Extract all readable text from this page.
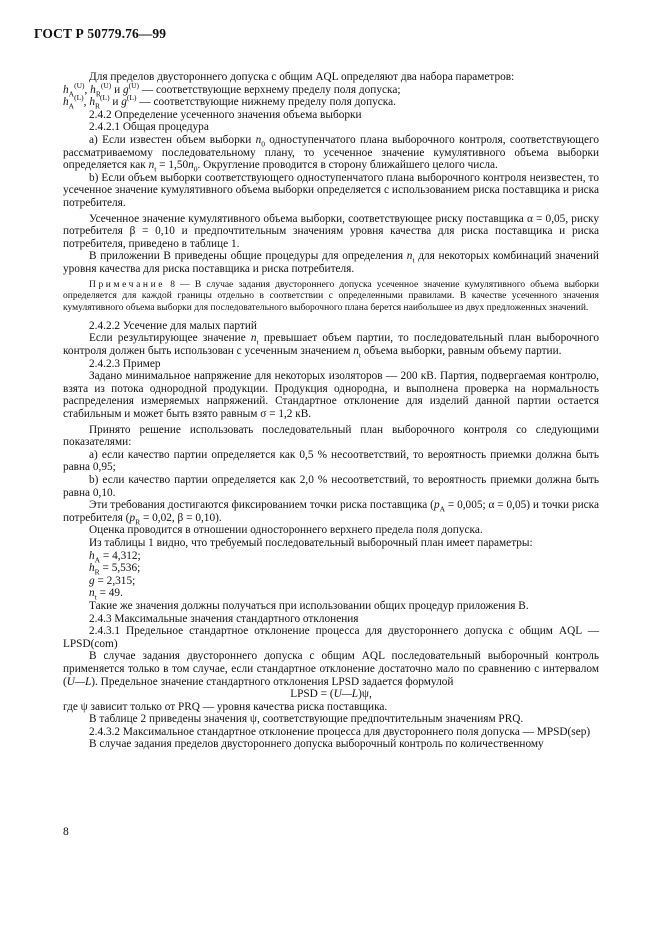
ГОСТ Р 50779.76—99

Для пределов двустороннего допуска с общим AQL определяют два набора параметров:

$h_A^{(U)}$, $h_R^{(U)}$ и $g^{(U)}$ — соответствующие верхнему пределу поля допуска;

$h_A^{(L)}$, $h_R^{(L)}$ и $g^{(L)}$ — соответствующие нижнему пределу поля допуска.

2.4.2 Определение усеченного значения объема выборки

2.4.2.1 Общая процедура

а) Если известен объем выборки $n_0$ одноступенчатого плана выборочного контроля, соответствующего рассматриваемому последовательному плану, то усеченное значение кумулятивного объема выборки определяется как $n_t = 1,50n_0$. Округление проводится в сторону ближайшего целого числа.

b) Если объем выборки соответствующего одноступенчатого плана выборочного контроля неизвестен, то усеченное значение кумулятивного объема выборки определяется с использованием риска поставщика и риска потребителя.

Усеченное значение кумулятивного объема выборки, соответствующее риску поставщика α = 0,05, риску потребителя β = 0,10 и предпочтительным значениям уровня качества для риска поставщика и риска потребителя, приведено в таблице 1.

В приложении В приведены общие процедуры для определения $n_t$ для некоторых комбинаций значений уровня качества для риска поставщика и риска потребителя.

Примечание 8 — В случае задания двустороннего допуска усеченное значение кумулятивного объема выборки определяется для каждой границы отдельно в соответствии с определенными правилами. В качестве усеченного значения кумулятивного объема выборки для последовательного выборочного плана берется наибольшее из двух предложенных значений.

2.4.2.2 Усечение для малых партий

Если результирующее значение $n_t$ превышает объем партии, то последовательный план выборочного контроля должен быть использован с усеченным значением $n_t$ объема выборки, равным объему партии.

2.4.2.3 Пример

Задано минимальное напряжение для некоторых изоляторов — 200 кВ. Партия, подвергаемая контролю, взята из потока однородной продукции. Продукция однородна, и выполнена проверка на нормальность распределения измеряемых напряжений. Стандартное отклонение для изделий данной партии остается стабильным и может быть взято равным σ = 1,2 кВ.

Принято решение использовать последовательный план выборочного контроля со следующими показателями:

а) если качество партии определяется как 0,5 % несоответствий, то вероятность приемки должна быть равна 0,95;

b) если качество партии определяется как 2,0 % несоответствий, то вероятность приемки должна быть равна 0,10.

Эти требования достигаются фиксированием точки риска поставщика ($p_A = 0,005$; α = 0,05) и точки риска потребителя ($p_R = 0,02$, β = 0,10).

Оценка проводится в отношении одностороннего верхнего предела поля допуска.

Из таблицы 1 видно, что требуемый последовательный выборочный план имеет параметры:

$h_A = 4,312$;

$h_R = 5,536$;

g = 2,315;

$n_t = 49$.

Такие же значения должны получаться при использовании общих процедур приложения В.

2.4.3 Максимальные значения стандартного отклонения

2.4.3.1 Предельное стандартное отклонение процесса для двустороннего допуска с общим AQL — LPSD(com)

В случае задания двустороннего допуска с общим AQL последовательный выборочный контроль применяется только в том случае, если стандартное отклонение достаточно мало по сравнению с интервалом (U—L). Предельное значение стандартного отклонения LPSD задается формулой

LPSD = (U—L)ψ,

где ψ зависит только от PRQ — уровня качества риска поставщика.

В таблице 2 приведены значения ψ, соответствующие предпочтительным значениям PRQ.

2.4.3.2 Максимальное стандартное отклонение процесса для двустороннего поля допуска — MPSD(sep)

В случае задания пределов двустороннего допуска выборочный контроль по количественному

8
